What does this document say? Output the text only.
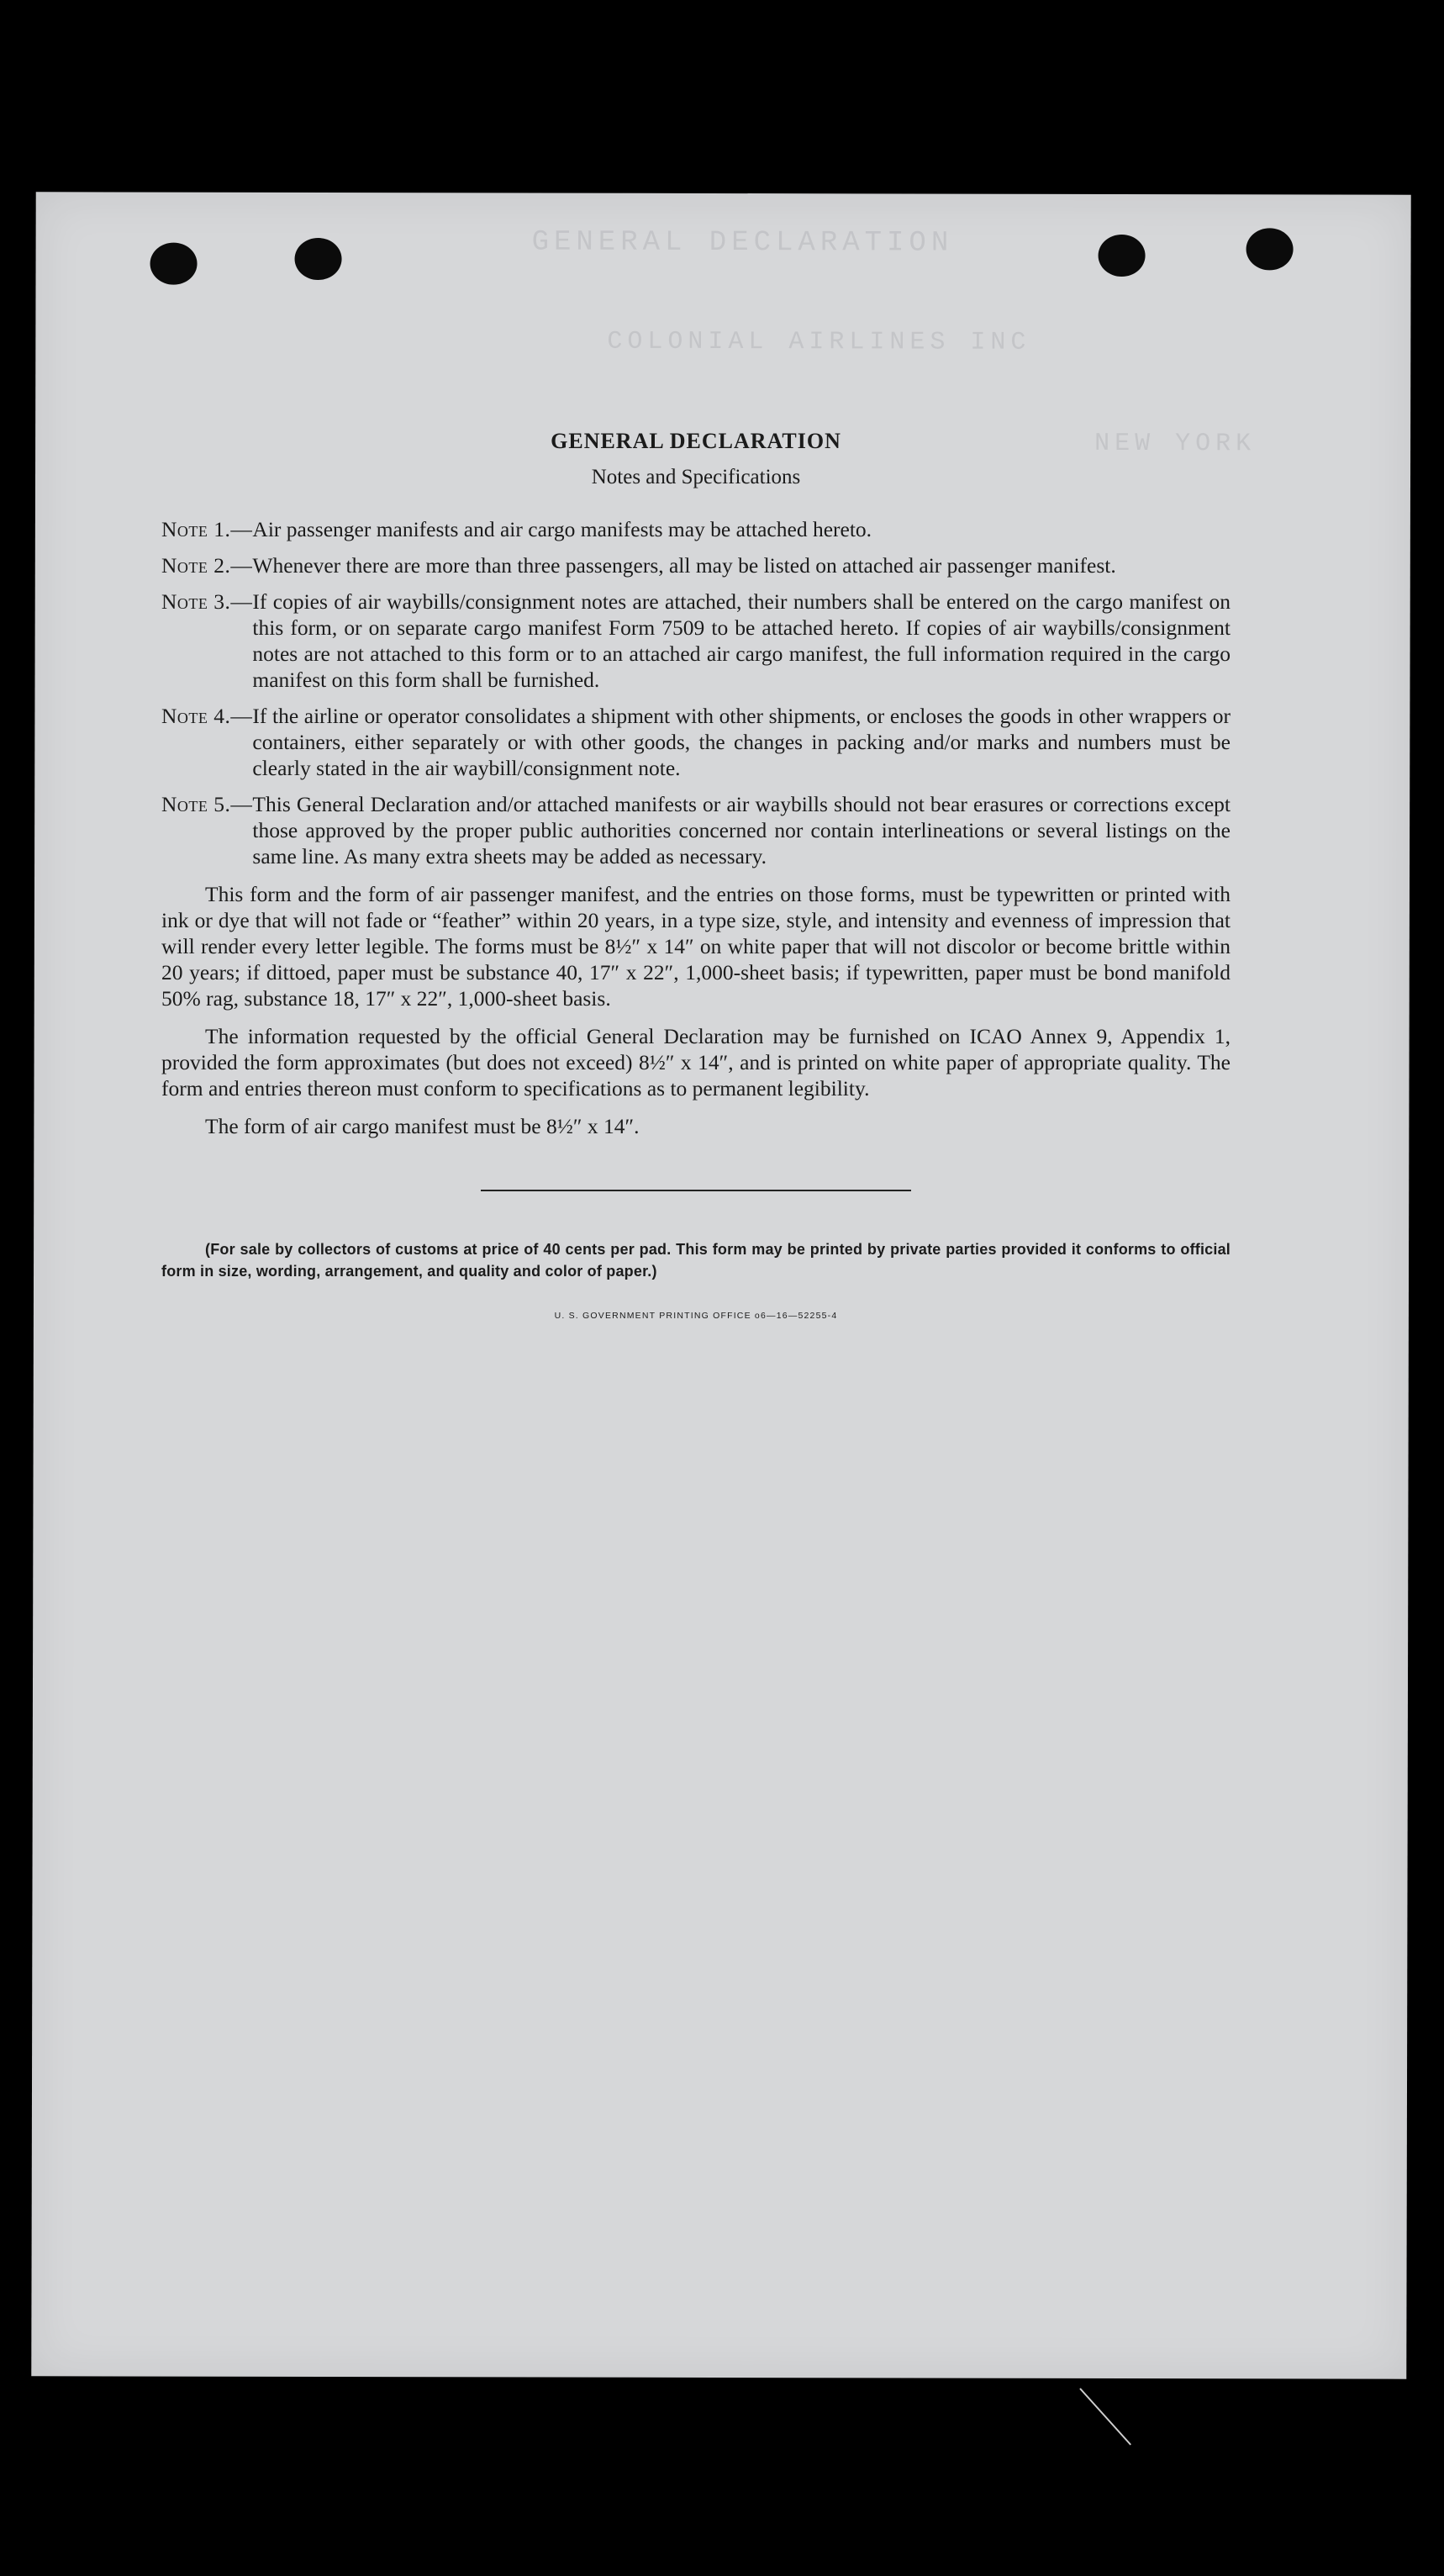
GENERAL DECLARATION
COLONIAL AIRLINES INC
NEW YORK

GENERAL DECLARATION

Notes and Specifications

Note 1.— Air passenger manifests and air cargo manifests may be attached hereto.
Note 2.— Whenever there are more than three passengers, all may be listed on attached air passenger manifest.
Note 3.— If copies of air waybills/consignment notes are attached, their numbers shall be entered on the cargo manifest on this form, or on separate cargo manifest Form 7509 to be attached hereto. If copies of air waybills/consignment notes are not attached to this form or to an attached air cargo manifest, the full information required in the cargo manifest on this form shall be furnished.
Note 4.— If the airline or operator consolidates a shipment with other shipments, or encloses the goods in other wrappers or containers, either separately or with other goods, the changes in packing and/or marks and numbers must be clearly stated in the air waybill/consignment note.
Note 5.— This General Declaration and/or attached manifests or air waybills should not bear erasures or corrections except those approved by the proper public authorities concerned nor contain interlineations or several listings on the same line. As many extra sheets may be added as necessary.

This form and the form of air passenger manifest, and the entries on those forms, must be typewritten or printed with ink or dye that will not fade or “feather” within 20 years, in a type size, style, and intensity and evenness of impression that will render every letter legible. The forms must be 8½″ x 14″ on white paper that will not discolor or become brittle within 20 years; if dittoed, paper must be substance 40, 17″ x 22″, 1,000-sheet basis; if typewritten, paper must be bond manifold 50% rag, substance 18, 17″ x 22″, 1,000-sheet basis.

The information requested by the official General Declaration may be furnished on ICAO Annex 9, Appendix 1, provided the form approximates (but does not exceed) 8½″ x 14″, and is printed on white paper of appropriate quality. The form and entries thereon must conform to specifications as to permanent legibility.

The form of air cargo manifest must be 8½″ x 14″.

(For sale by collectors of customs at price of 40 cents per pad. This form may be printed by private parties provided it conforms to official form in size, wording, arrangement, and quality and color of paper.)

U. S. GOVERNMENT PRINTING OFFICE o6—16—52255-4
